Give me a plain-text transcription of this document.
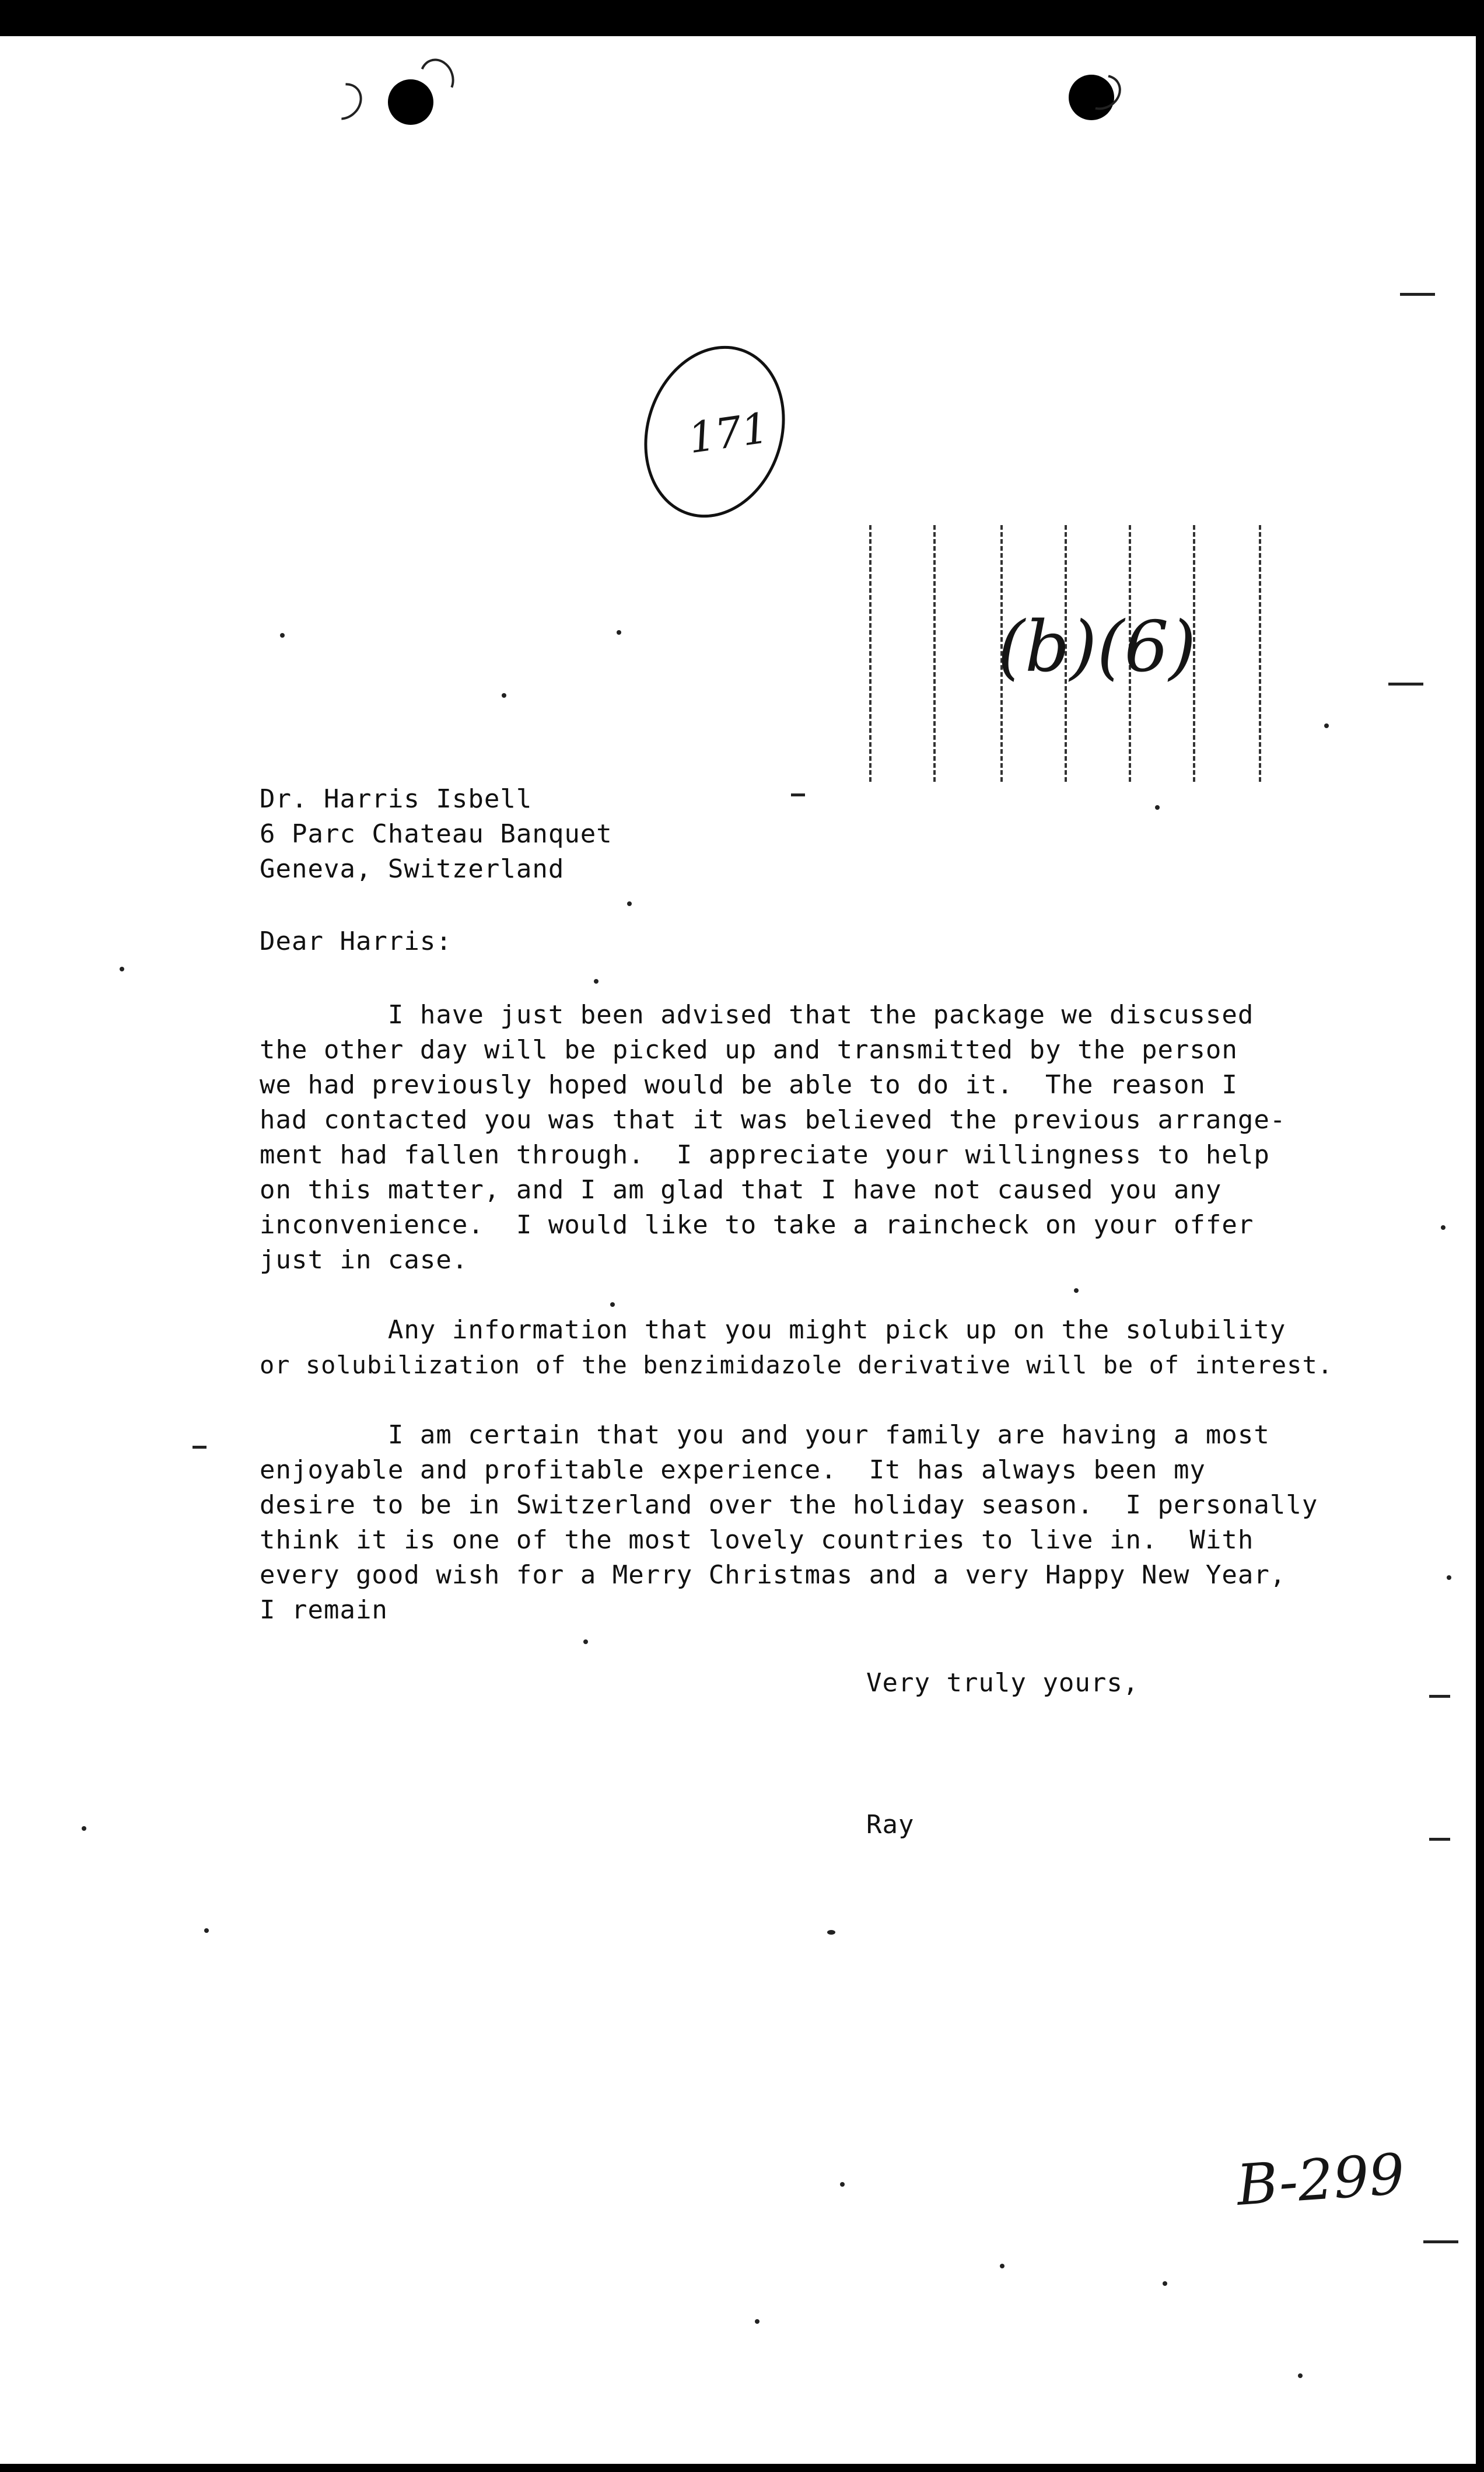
171
(b)(6)
Dr. Harris Isbell
6 Parc Chateau Banquet
Geneva, Switzerland
Dear Harris:
I have just been advised that the package we discussed
the other day will be picked up and transmitted by the person
we had previously hoped would be able to do it.  The reason I
had contacted you was that it was believed the previous arrange-
ment had fallen through.  I appreciate your willingness to help
on this matter, and I am glad that I have not caused you any
inconvenience.  I would like to take a raincheck on your offer
just in case.
Any information that you might pick up on the solubility
or solubilization of the benzimidazole derivative will be of interest.
I am certain that you and your family are having a most
enjoyable and profitable experience.  It has always been my
desire to be in Switzerland over the holiday season.  I personally
think it is one of the most lovely countries to live in.  With
every good wish for a Merry Christmas and a very Happy New Year,
I remain
Very truly yours,
Ray
B-299
